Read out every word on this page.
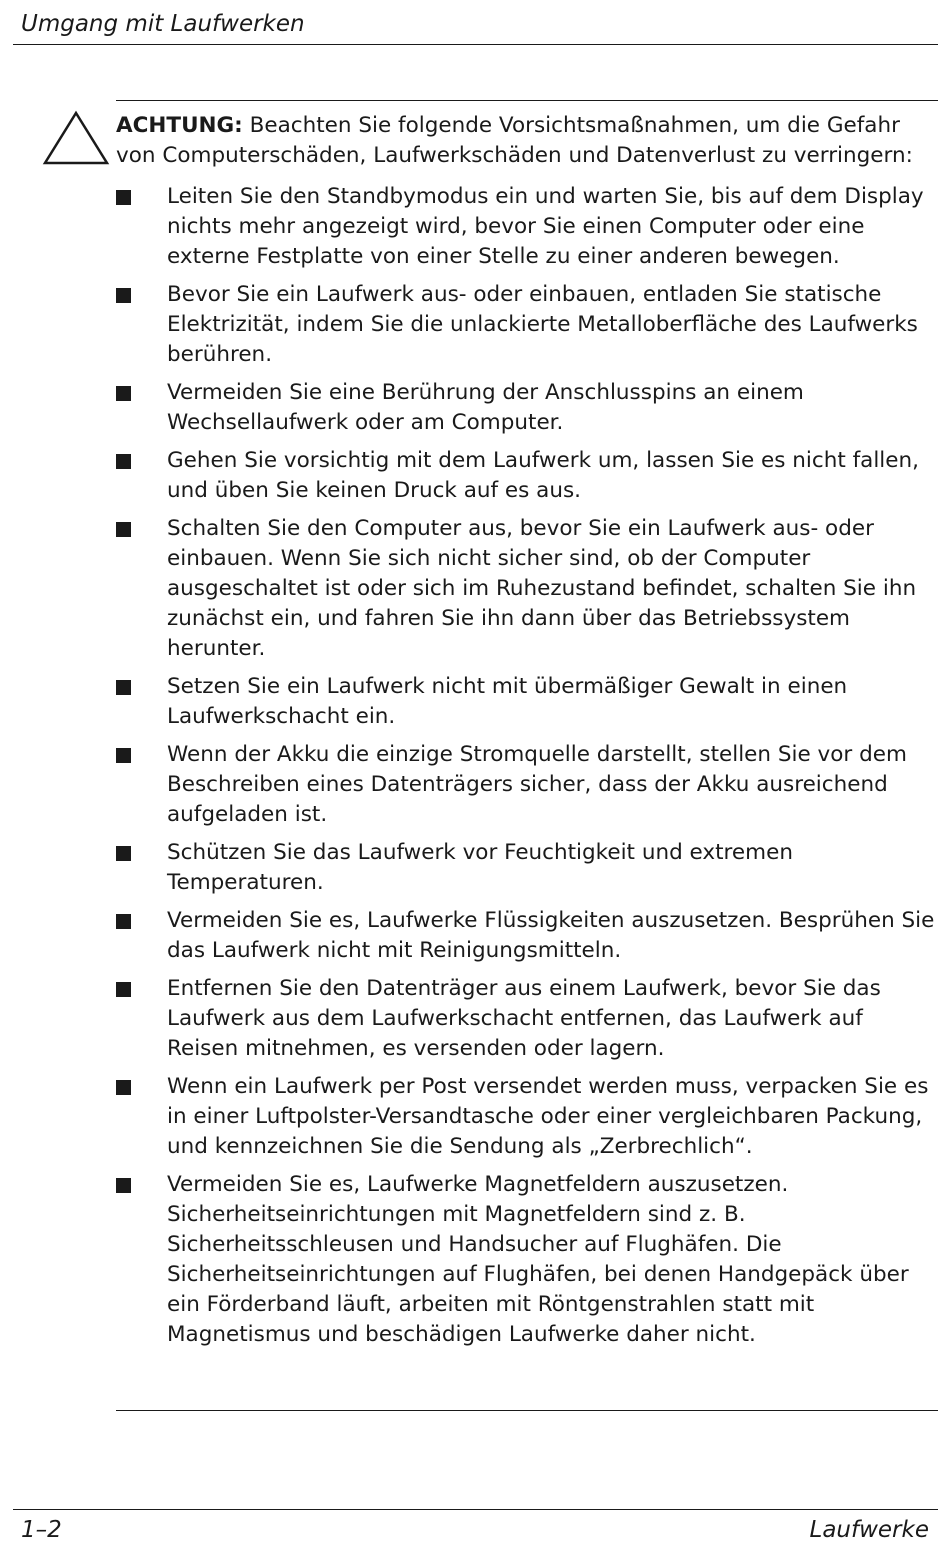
Umgang mit Laufwerken
ACHTUNG: Beachten Sie folgende Vorsichtsmaßnahmen, um die Gefahr von Computerschäden, Laufwerkschäden und Datenverlust zu verringern:
Leiten Sie den Standbymodus ein und warten Sie, bis auf dem Display nichts mehr angezeigt wird, bevor Sie einen Computer oder eine externe Festplatte von einer Stelle zu einer anderen bewegen.
Bevor Sie ein Laufwerk aus- oder einbauen, entladen Sie statische Elektrizität, indem Sie die unlackierte Metalloberfläche des Laufwerks berühren.
Vermeiden Sie eine Berührung der Anschlusspins an einem Wechsellaufwerk oder am Computer.
Gehen Sie vorsichtig mit dem Laufwerk um, lassen Sie es nicht fallen, und üben Sie keinen Druck auf es aus.
Schalten Sie den Computer aus, bevor Sie ein Laufwerk aus- oder einbauen. Wenn Sie sich nicht sicher sind, ob der Computer ausgeschaltet ist oder sich im Ruhezustand befindet, schalten Sie ihn zunächst ein, und fahren Sie ihn dann über das Betriebssystem herunter.
Setzen Sie ein Laufwerk nicht mit übermäßiger Gewalt in einen Laufwerkschacht ein.
Wenn der Akku die einzige Stromquelle darstellt, stellen Sie vor dem Beschreiben eines Datenträgers sicher, dass der Akku ausreichend aufgeladen ist.
Schützen Sie das Laufwerk vor Feuchtigkeit und extremen Temperaturen.
Vermeiden Sie es, Laufwerke Flüssigkeiten auszusetzen. Besprühen Sie das Laufwerk nicht mit Reinigungsmitteln.
Entfernen Sie den Datenträger aus einem Laufwerk, bevor Sie das Laufwerk aus dem Laufwerkschacht entfernen, das Laufwerk auf Reisen mitnehmen, es versenden oder lagern.
Wenn ein Laufwerk per Post versendet werden muss, verpacken Sie es in einer Luftpolster-Versandtasche oder einer vergleichbaren Packung, und kennzeichnen Sie die Sendung als „Zerbrechlich“.
Vermeiden Sie es, Laufwerke Magnetfeldern auszusetzen. Sicherheitseinrichtungen mit Magnetfeldern sind z. B. Sicherheitsschleusen und Handsucher auf Flughäfen. Die Sicherheitseinrichtungen auf Flughäfen, bei denen Handgepäck über ein Förderband läuft, arbeiten mit Röntgenstrahlen statt mit Magnetismus und beschädigen Laufwerke daher nicht.
1–2	Laufwerke
